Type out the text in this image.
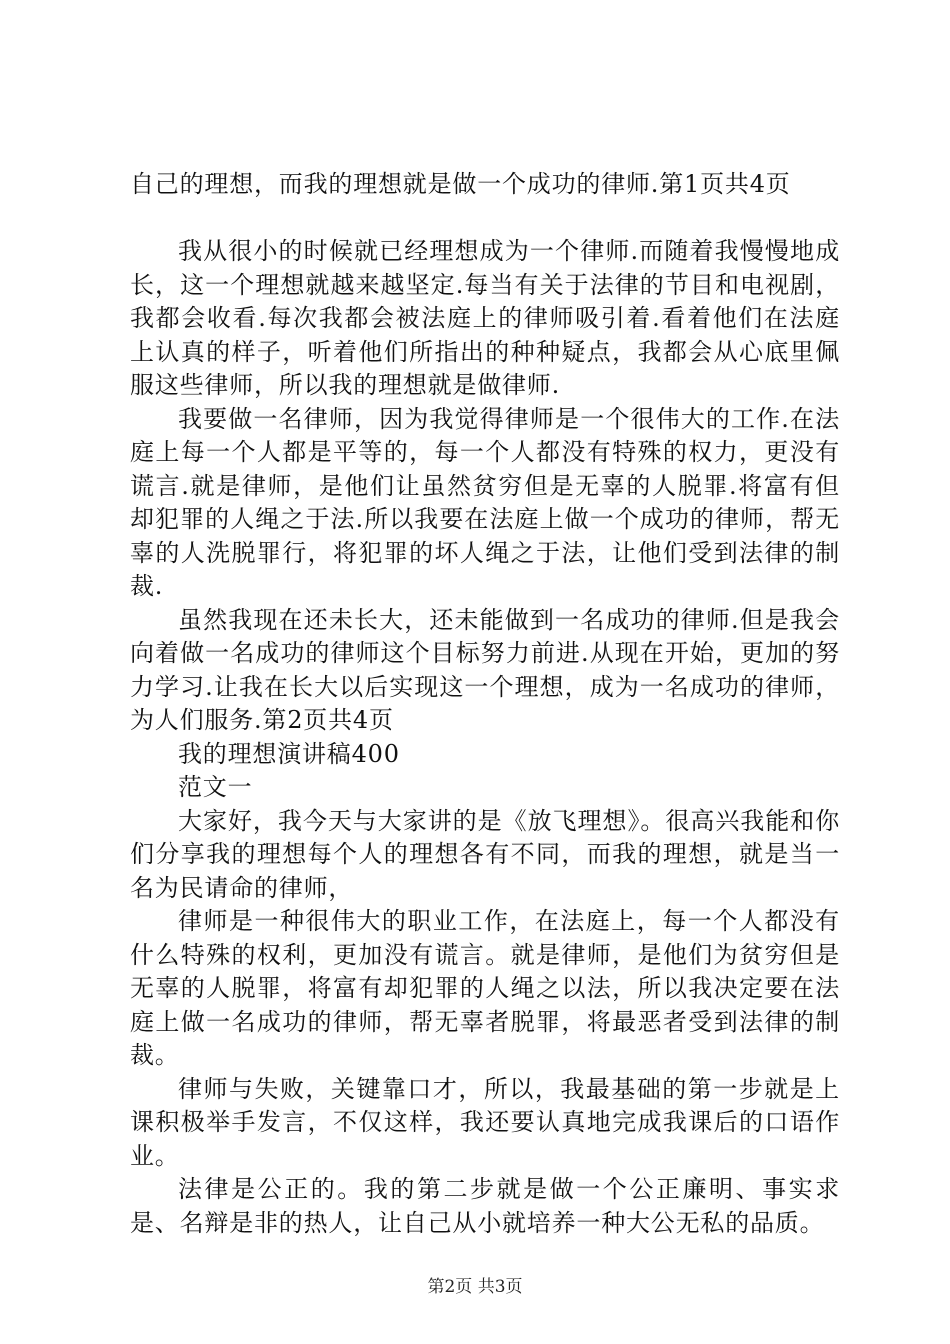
自己的理想，而我的理想就是做一个成功的律师.第1页共4页

我从很小的时候就已经理想成为一个律师.而随着我慢慢地成长，这一个理想就越来越坚定.每当有关于法律的节目和电视剧，我都会收看.每次我都会被法庭上的律师吸引着.看着他们在法庭上认真的样子，听着他们所指出的种种疑点，我都会从心底里佩服这些律师，所以我的理想就是做律师.

我要做一名律师，因为我觉得律师是一个很伟大的工作.在法庭上每一个人都是平等的，每一个人都没有特殊的权力，更没有谎言.就是律师，是他们让虽然贫穷但是无辜的人脱罪.将富有但却犯罪的人绳之于法.所以我要在法庭上做一个成功的律师，帮无辜的人洗脱罪行，将犯罪的坏人绳之于法，让他们受到法律的制裁.

虽然我现在还未长大，还未能做到一名成功的律师.但是我会向着做一名成功的律师这个目标努力前进.从现在开始，更加的努力学习.让我在长大以后实现这一个理想，成为一名成功的律师，为人们服务.第2页共4页

我的理想演讲稿400

范文一

大家好，我今天与大家讲的是《放飞理想》。很高兴我能和你们分享我的理想每个人的理想各有不同，而我的理想，就是当一名为民请命的律师，

律师是一种很伟大的职业工作，在法庭上，每一个人都没有什么特殊的权利，更加没有谎言。就是律师，是他们为贫穷但是无辜的人脱罪，将富有却犯罪的人绳之以法，所以我决定要在法庭上做一名成功的律师，帮无辜者脱罪，将最恶者受到法律的制裁。

律师与失败，关键靠口才，所以，我最基础的第一步就是上课积极举手发言，不仅这样，我还要认真地完成我课后的口语作业。

法律是公正的。我的第二步就是做一个公正廉明、事实求是、名辩是非的热人，让自己从小就培养一种大公无私的品质。

第2页 共3页
